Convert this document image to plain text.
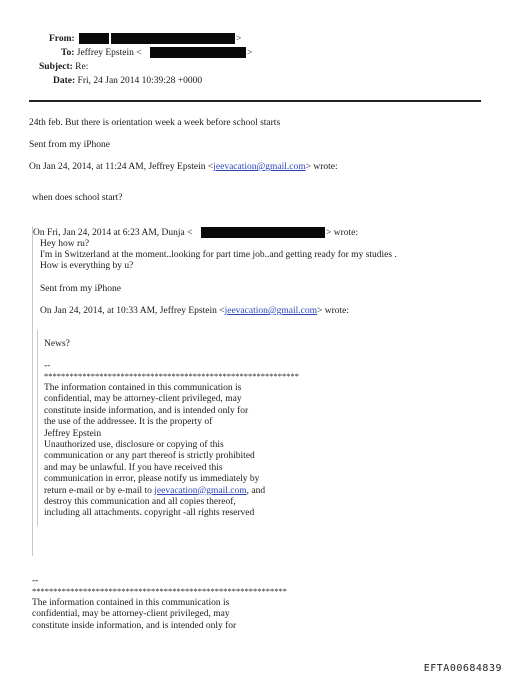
From:	>
To: Jeffrey Epstein <	>
Subject: Re:
Date: Fri, 24 Jan 2014 10:39:28 +0000
24th feb. But there is orientation week a week before school starts
Sent from my iPhone
On Jan 24, 2014, at 11:24 AM, Jeffrey Epstein <jeevacation@gmail.com> wrote:
when does school start?
On Fri, Jan 24, 2014 at 6:23 AM, Dunja <	> wrote:
Hey how ru?
I'm in Switzerland at the moment..looking for part time job..and getting ready for my studies .
How is everything by u?
Sent from my iPhone
On Jan 24, 2014, at 10:33 AM, Jeffrey Epstein <jeevacation@gmail.com> wrote:
News?
--
************************************************************
The information contained in this communication is
confidential, may be attorney-client privileged, may
constitute inside information, and is intended only for
the use of the addressee. It is the property of
Jeffrey Epstein
Unauthorized use, disclosure or copying of this
communication or any part thereof is strictly prohibited
and may be unlawful. If you have received this
communication in error, please notify us immediately by
return e-mail or by e-mail to jeevacation@gmail.com, and
destroy this communication and all copies thereof,
including all attachments. copyright -all rights reserved
--
************************************************************
The information contained in this communication is
confidential, may be attorney-client privileged, may
constitute inside information, and is intended only for
EFTA00684839
